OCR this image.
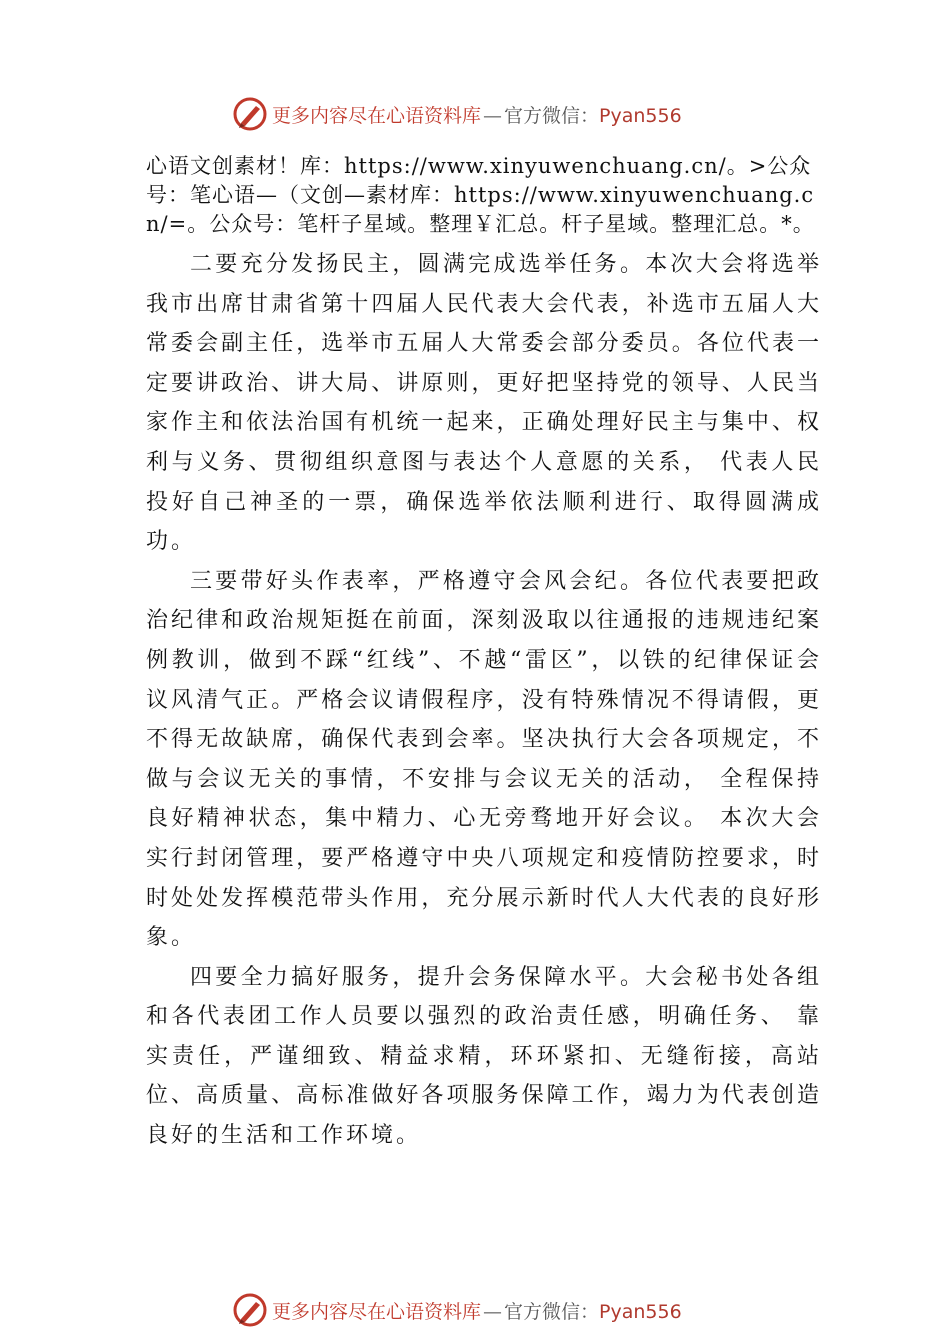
更多内容尽在心语资料库 — 官方微信：Pyan556

心语文创素材！库：https://www.xinyuwenchuang.cn/。>公众号：笔心语—（文创—素材库：https://www.xinyuwenchuang.cn/=。公众号：笔杆子星域。整理￥汇总。杆子星域。整理汇总。*。

二要充分发扬民主，圆满完成选举任务。本次大会将选举我市出席甘肃省第十四届人民代表大会代表，补选市五届人大常委会副主任，选举市五届人大常委会部分委员。各位代表一定要讲政治、讲大局、讲原则，更好把坚持党的领导、人民当家作主和依法治国有机统一起来，正确处理好民主与集中、权利与义务、贯彻组织意图与表达个人意愿的关系， 代表人民投好自己神圣的一票，确保选举依法顺利进行、取得圆满成功。

三要带好头作表率，严格遵守会风会纪。各位代表要把政治纪律和政治规矩挺在前面，深刻汲取以往通报的违规违纪案例教训，做到不踩“红线”、不越“雷区”，以铁的纪律保证会议风清气正。严格会议请假程序，没有特殊情况不得请假，更不得无故缺席，确保代表到会率。坚决执行大会各项规定，不做与会议无关的事情，不安排与会议无关的活动， 全程保持良好精神状态，集中精力、心无旁骛地开好会议。 本次大会实行封闭管理，要严格遵守中央八项规定和疫情防控要求，时时处处发挥模范带头作用，充分展示新时代人大代表的良好形象。

四要全力搞好服务，提升会务保障水平。大会秘书处各组和各代表团工作人员要以强烈的政治责任感，明确任务、 靠实责任，严谨细致、精益求精，环环紧扣、无缝衔接，高站位、高质量、高标准做好各项服务保障工作，竭力为代表创造良好的生活和工作环境。

更多内容尽在心语资料库 — 官方微信：Pyan556
